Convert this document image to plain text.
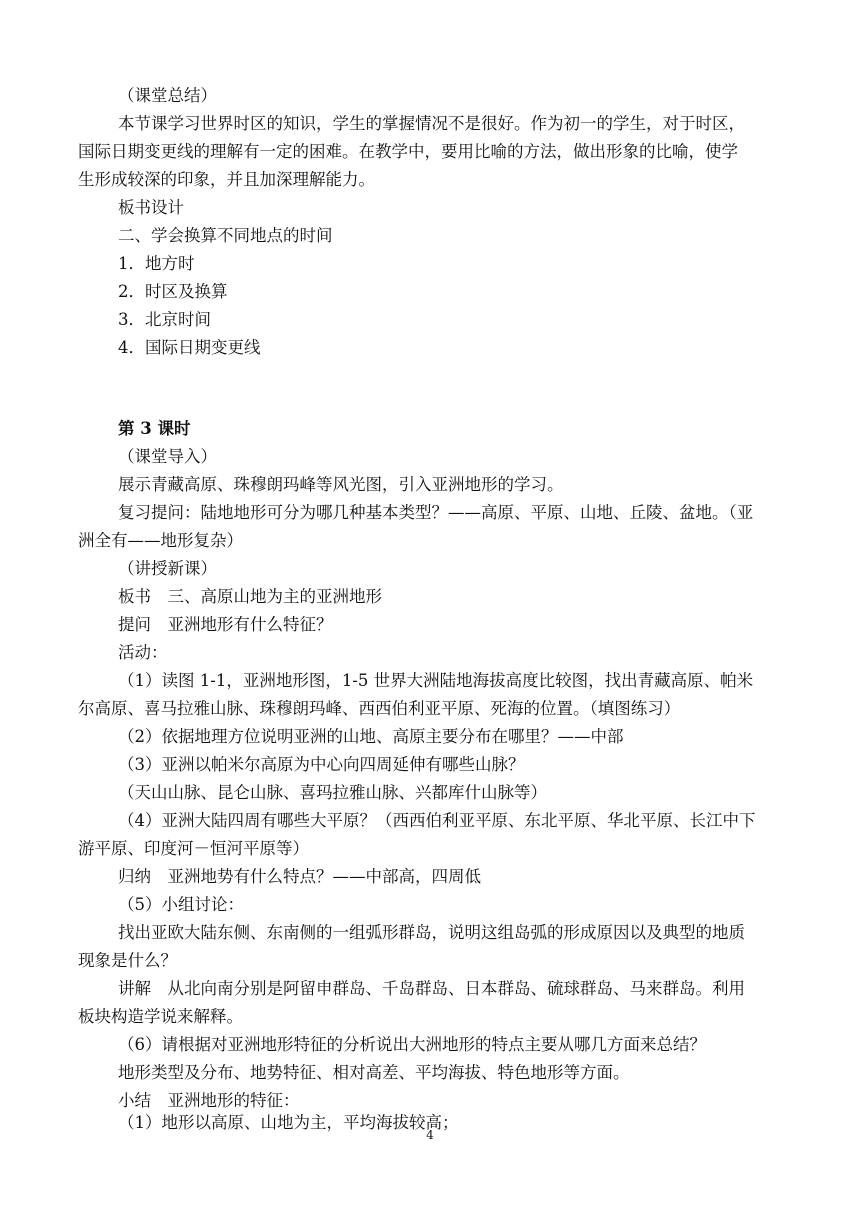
（课堂总结）
本节课学习世界时区的知识，学生的掌握情况不是很好。作为初一的学生，对于时区，
国际日期变更线的理解有一定的困难。在教学中，要用比喻的方法，做出形象的比喻，使学
生形成较深的印象，并且加深理解能力。
板书设计
二、学会换算不同地点的时间
1．地方时
2．时区及换算
3．北京时间
4．国际日期变更线
第 3 课时
（课堂导入）
展示青藏高原、珠穆朗玛峰等风光图，引入亚洲地形的学习。
复习提问：陆地地形可分为哪几种基本类型？——高原、平原、山地、丘陵、盆地。（亚
洲全有——地形复杂）
（讲授新课）
板书　三、高原山地为主的亚洲地形
提问　亚洲地形有什么特征？
活动：
（1）读图 1-1，亚洲地形图，1-5 世界大洲陆地海拔高度比较图，找出青藏高原、帕米
尔高原、喜马拉雅山脉、珠穆朗玛峰、西西伯利亚平原、死海的位置。（填图练习）
（2）依据地理方位说明亚洲的山地、高原主要分布在哪里？——中部
（3）亚洲以帕米尔高原为中心向四周延伸有哪些山脉？
（天山山脉、昆仑山脉、喜玛拉雅山脉、兴都库什山脉等）
（4）亚洲大陆四周有哪些大平原？（西西伯利亚平原、东北平原、华北平原、长江中下
游平原、印度河－恒河平原等）
归纳　亚洲地势有什么特点？——中部高，四周低
（5）小组讨论：
找出亚欧大陆东侧、东南侧的一组弧形群岛，说明这组岛弧的形成原因以及典型的地质
现象是什么？
讲解　从北向南分别是阿留申群岛、千岛群岛、日本群岛、硫球群岛、马来群岛。利用
板块构造学说来解释。
（6）请根据对亚洲地形特征的分析说出大洲地形的特点主要从哪几方面来总结？
地形类型及分布、地势特征、相对高差、平均海拔、特色地形等方面。
小结　亚洲地形的特征：
（1）地形以高原、山地为主，平均海拔较高；
4
